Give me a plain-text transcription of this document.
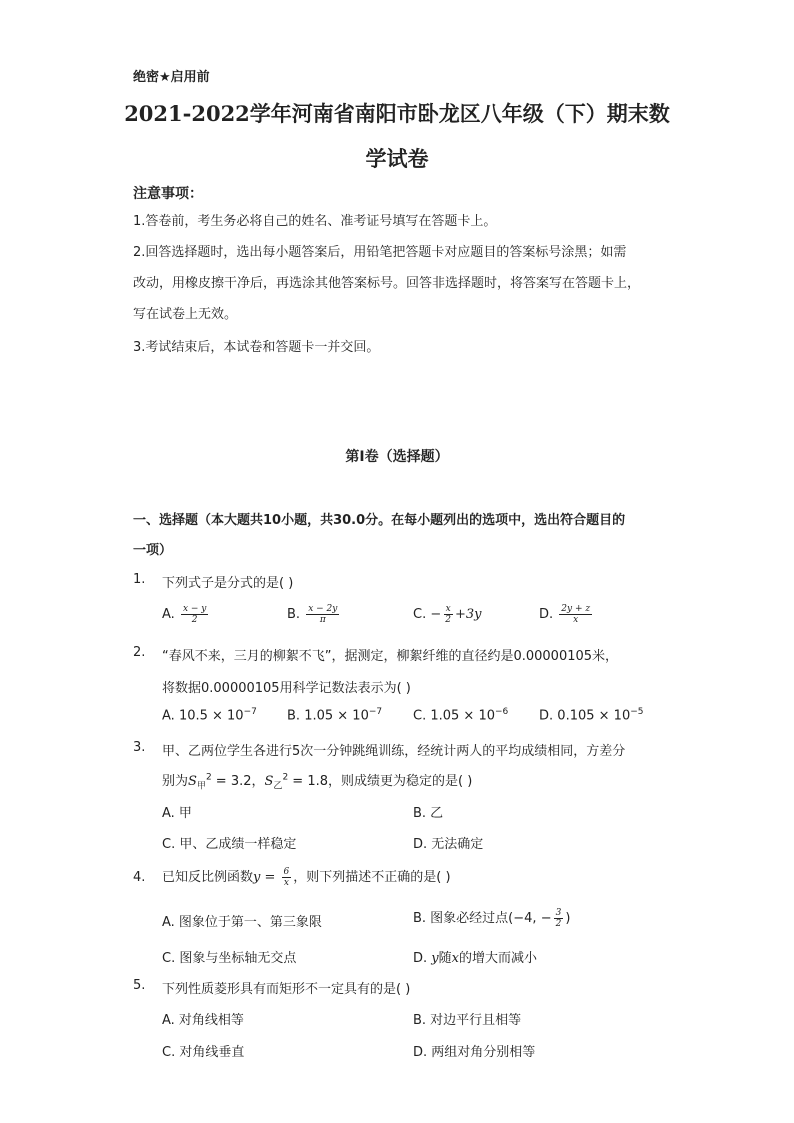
绝密★启用前
2021-2022学年河南省南阳市卧龙区八年级（下）期末数
学试卷
注意事项：
1.答卷前，考生务必将自己的姓名、准考证号填写在答题卡上。
2.回答选择题时，选出每小题答案后，用铅笔把答题卡对应题目的答案标号涂黑；如需
改动，用橡皮擦干净后，再选涂其他答案标号。回答非选择题时，将答案写在答题卡上，
写在试卷上无效。
3.考试结束后，本试卷和答题卡一并交回。
第I卷（选择题）
一、选择题（本大题共10小题，共30.0分。在每小题列出的选项中，选出符合题目的
一项）
1. 下列式子是分式的是( )
A. $\frac{x - y}{2}$	B. $\frac{x - 2y}{\pi}$	C. − $\frac{x}{2} +3y$	D. $\frac{2y + z}{x}$
2. “春风不来，三月的柳絮不飞”，据测定，柳絮纤维的直径约是0.00000105米，
将数据0.00000105用科学记数法表示为( )
A. $10.5 \times 10^{-7}$ B. $1.05 \times 10^{-7}$ C. $1.05 \times 10^{-6}$ D. $0.105 \times 10^{-5}$
3. 甲、乙两位学生各进行5次一分钟跳绳训练，经统计两人的平均成绩相同，方差分
别为$S_甲^2 = 3.2$，$S_乙^2 = 1.8$，则成绩更为稳定的是( )
A. 甲	B. 乙
C. 甲、乙成绩一样稳定	D. 无法确定
4. 已知反比例函数$y = \frac{6}{x}$ ，则下列描述不正确的是( )
A. 图象位于第一、第三象限	B. 图象必经过点(−4, − $\frac{3}{2}$ )
C. 图象与坐标轴无交点	D. y随x的增大而减小
5. 下列性质菱形具有而矩形不一定具有的是( )
A. 对角线相等	B. 对边平行且相等
C. 对角线垂直	D. 两组对角分别相等
